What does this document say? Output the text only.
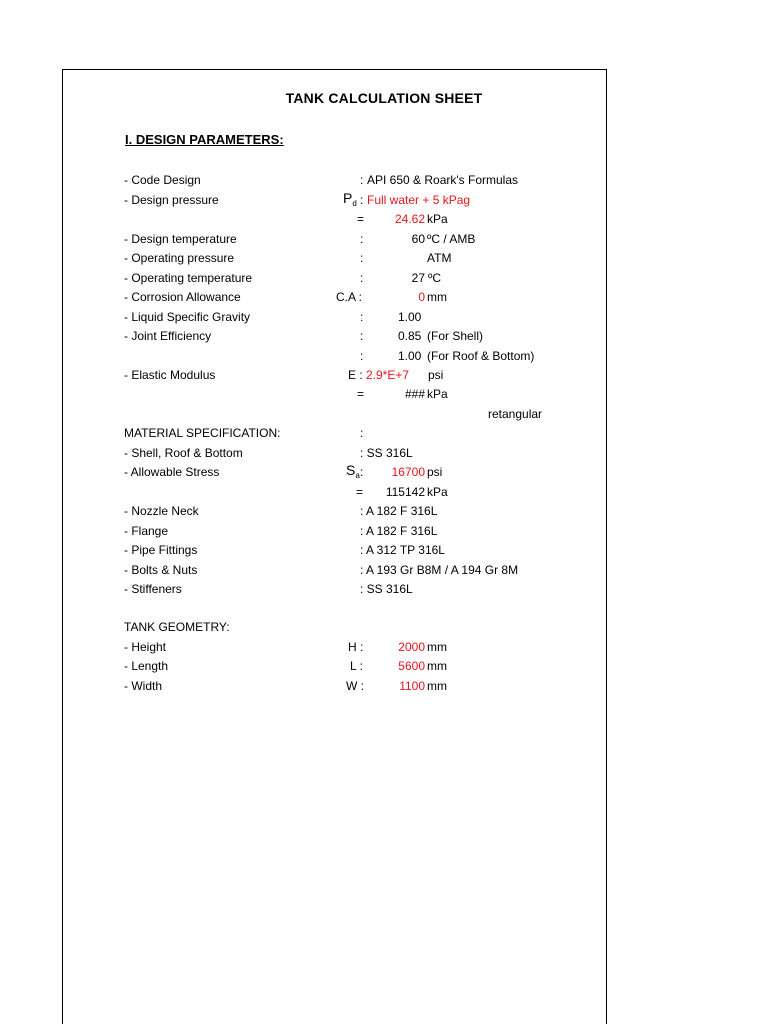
TANK CALCULATION SHEET
I. DESIGN PARAMETERS:
- Code Design	: API 650 & Roark's Formulas
- Design pressure	$P_d$ : Full water + 5 kPag
=	24.62 kPa
- Design temperature	:	60 ºC / AMB
- Operating pressure	:	ATM
- Operating temperature	:	27 ºC
- Corrosion Allowance	C.A :	0 mm
- Liquid Specific Gravity	:	1.00
- Joint Efficiency	:	0.85 (For Shell)
:	1.00 (For Roof & Bottom)
- Elastic Modulus	E : 2.9*E+7 psi
=	### kPa
retangular
MATERIAL SPECIFICATION:	:
- Shell, Roof & Bottom	: SS 316L
- Allowable Stress	$S_a$ :	16700 psi
=	115142 kPa
- Nozzle Neck	: A 182 F 316L
- Flange	: A 182 F 316L
- Pipe Fittings	: A 312 TP 316L
- Bolts & Nuts	: A 193 Gr B8M / A 194 Gr 8M
- Stiffeners	: SS 316L
TANK GEOMETRY:
- Height	H :	2000 mm
- Length	L :	5600 mm
- Width	W :	1100 mm
